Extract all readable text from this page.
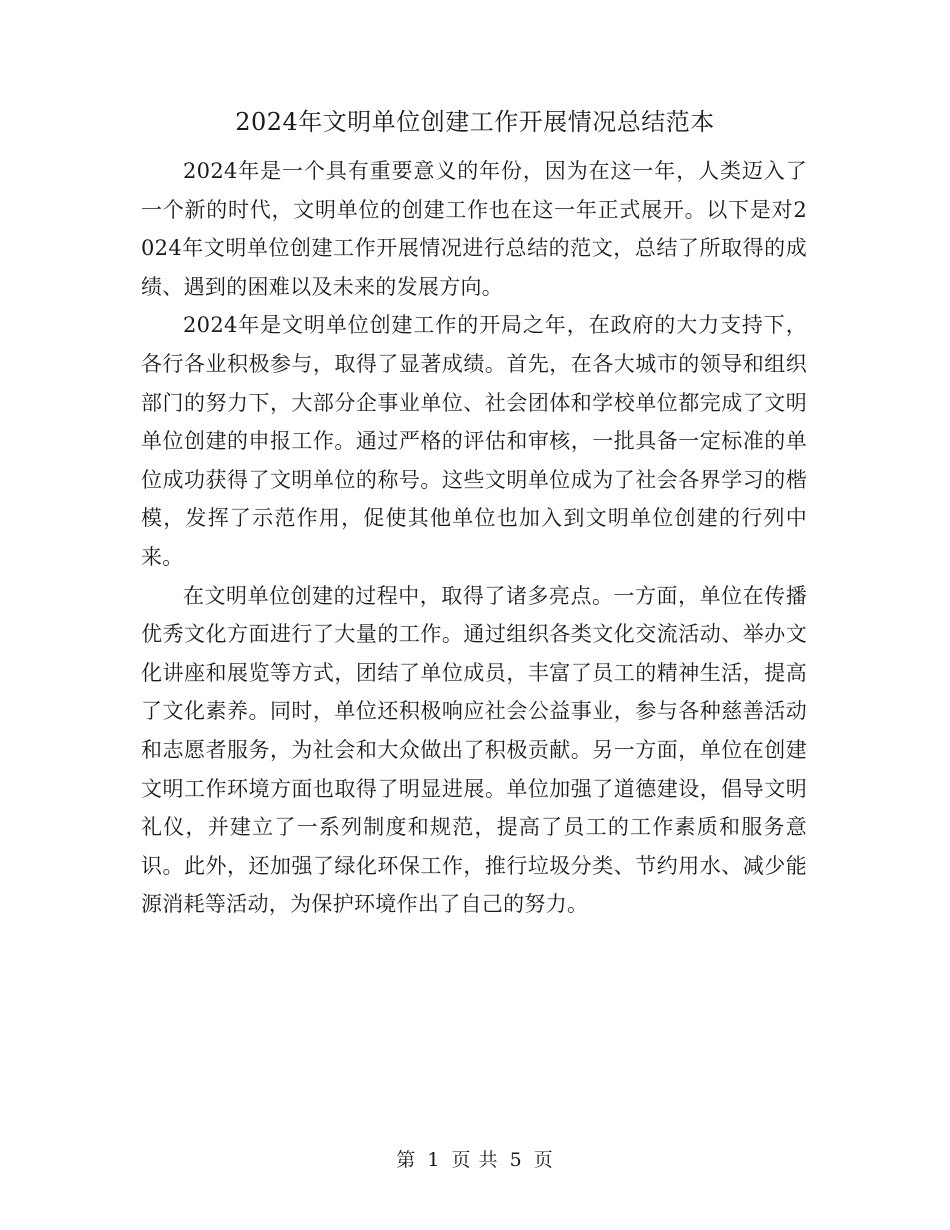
2024年文明单位创建工作开展情况总结范本

2024年是一个具有重要意义的年份，因为在这一年，人类迈入了一个新的时代，文明单位的创建工作也在这一年正式展开。以下是对2024年文明单位创建工作开展情况进行总结的范文，总结了所取得的成绩、遇到的困难以及未来的发展方向。

2024年是文明单位创建工作的开局之年，在政府的大力支持下，各行各业积极参与，取得了显著成绩。首先，在各大城市的领导和组织部门的努力下，大部分企事业单位、社会团体和学校单位都完成了文明单位创建的申报工作。通过严格的评估和审核，一批具备一定标准的单位成功获得了文明单位的称号。这些文明单位成为了社会各界学习的楷模，发挥了示范作用，促使其他单位也加入到文明单位创建的行列中来。

在文明单位创建的过程中，取得了诸多亮点。一方面，单位在传播优秀文化方面进行了大量的工作。通过组织各类文化交流活动、举办文化讲座和展览等方式，团结了单位成员，丰富了员工的精神生活，提高了文化素养。同时，单位还积极响应社会公益事业，参与各种慈善活动和志愿者服务，为社会和大众做出了积极贡献。另一方面，单位在创建文明工作环境方面也取得了明显进展。单位加强了道德建设，倡导文明礼仪，并建立了一系列制度和规范，提高了员工的工作素质和服务意识。此外，还加强了绿化环保工作，推行垃圾分类、节约用水、减少能源消耗等活动，为保护环境作出了自己的努力。

第 1 页 共 5 页
